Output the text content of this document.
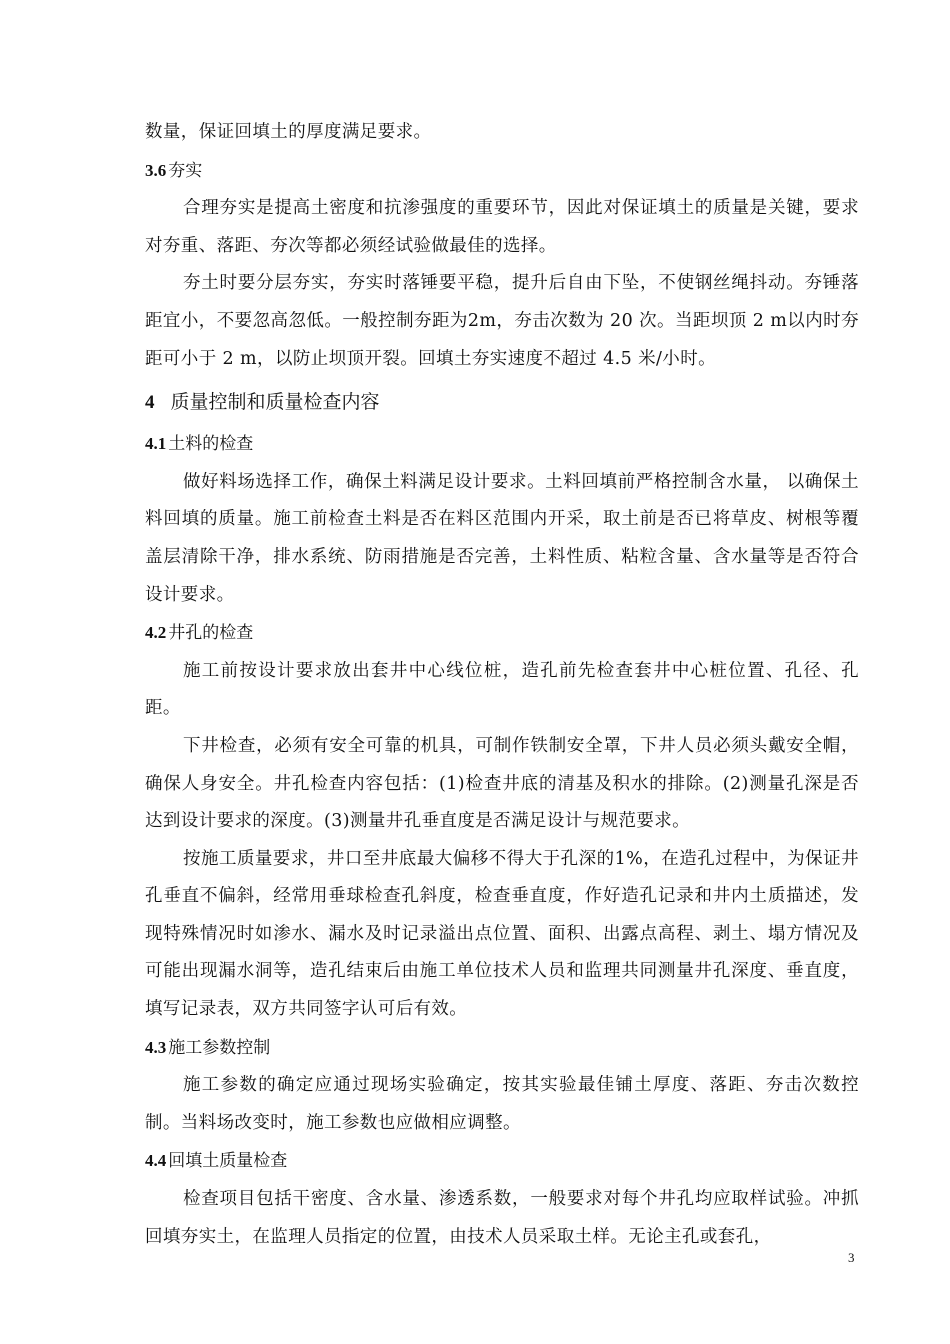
数量，保证回填土的厚度满足要求。

3.6 夯实

合理夯实是提高土密度和抗渗强度的重要环节，因此对保证填土的质量是关键，要求对夯重、落距、夯次等都必须经试验做最佳的选择。

夯土时要分层夯实，夯实时落锤要平稳，提升后自由下坠，不使钢丝绳抖动。夯锤落距宜小，不要忽高忽低。一般控制夯距为2m，夯击次数为 20 次。当距坝顶 2 m以内时夯距可小于 2 m，以防止坝顶开裂。回填土夯实速度不超过 4.5 米/小时。

4 质量控制和质量检查内容

4.1 土料的检查

做好料场选择工作，确保土料满足设计要求。土料回填前严格控制含水量， 以确保土料回填的质量。施工前检查土料是否在料区范围内开采，取土前是否已将草皮、树根等覆盖层清除干净，排水系统、防雨措施是否完善，土料性质、粘粒含量、含水量等是否符合设计要求。

4.2 井孔的检查

施工前按设计要求放出套井中心线位桩，造孔前先检查套井中心桩位置、孔径、孔距。

下井检查，必须有安全可靠的机具，可制作铁制安全罩，下井人员必须头戴安全帽，确保人身安全。井孔检查内容包括：(1)检查井底的清基及积水的排除。(2)测量孔深是否达到设计要求的深度。(3)测量井孔垂直度是否满足设计与规范要求。

按施工质量要求，井口至井底最大偏移不得大于孔深的1%，在造孔过程中，为保证井孔垂直不偏斜，经常用垂球检查孔斜度，检查垂直度，作好造孔记录和井内土质描述，发现特殊情况时如渗水、漏水及时记录溢出点位置、面积、出露点高程、剥土、塌方情况及可能出现漏水洞等，造孔结束后由施工单位技术人员和监理共同测量井孔深度、垂直度，填写记录表，双方共同签字认可后有效。

4.3 施工参数控制

施工参数的确定应通过现场实验确定，按其实验最佳铺土厚度、落距、夯击次数控制。当料场改变时，施工参数也应做相应调整。

4.4 回填土质量检查

检查项目包括干密度、含水量、渗透系数，一般要求对每个井孔均应取样试验。冲抓回填夯实土，在监理人员指定的位置，由技术人员采取土样。无论主孔或套孔，

3
